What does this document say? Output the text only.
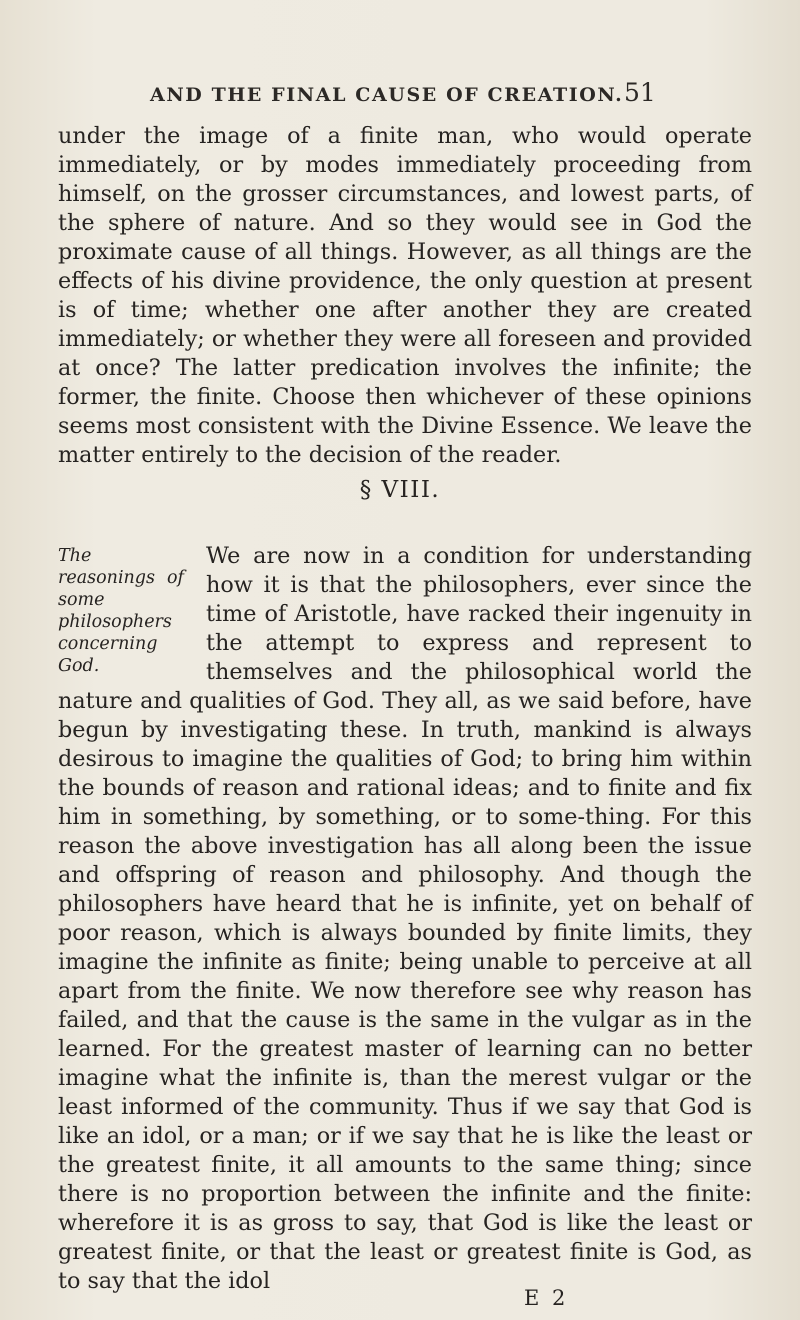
AND THE FINAL CAUSE OF CREATION. 51

under the image of a finite man, who would operate immediately, or by modes immediately proceeding from himself, on the grosser circumstances, and lowest parts, of the sphere of nature. And so they would see in God the proximate cause of all things. However, as all things are the effects of his divine providence, the only question at present is of time; whether one after another they are created immediately; or whether they were all foreseen and provided at once? The latter predication involves the infinite; the former, the finite. Choose then whichever of these opinions seems most consistent with the Divine Essence. We leave the matter entirely to the decision of the reader.

§ VIII.
The reasonings of some philosophers concerning God.
We are now in a condition for understanding how it is that the philosophers, ever since the time of Aristotle, have racked their ingenuity in the attempt to express and represent to themselves and the philosophical world the nature and qualities of God. They all, as we said before, have begun by investigating these. In truth, mankind is always desirous to imagine the qualities of God; to bring him within the bounds of reason and rational ideas; and to finite and fix him in something, by something, or to some-thing. For this reason the above investigation has all along been the issue and offspring of reason and philosophy. And though the philosophers have heard that he is infinite, yet on behalf of poor reason, which is always bounded by finite limits, they imagine the infinite as finite; being unable to perceive at all apart from the finite. We now therefore see why reason has failed, and that the cause is the same in the vulgar as in the learned. For the greatest master of learning can no better imagine what the infinite is, than the merest vulgar or the least informed of the community. Thus if we say that God is like an idol, or a man; or if we say that he is like the least or the greatest finite, it all amounts to the same thing; since there is no proportion between the infinite and the finite: wherefore it is as gross to say, that God is like the least or greatest finite, or that the least or greatest finite is God, as to say that the idol
E 2
